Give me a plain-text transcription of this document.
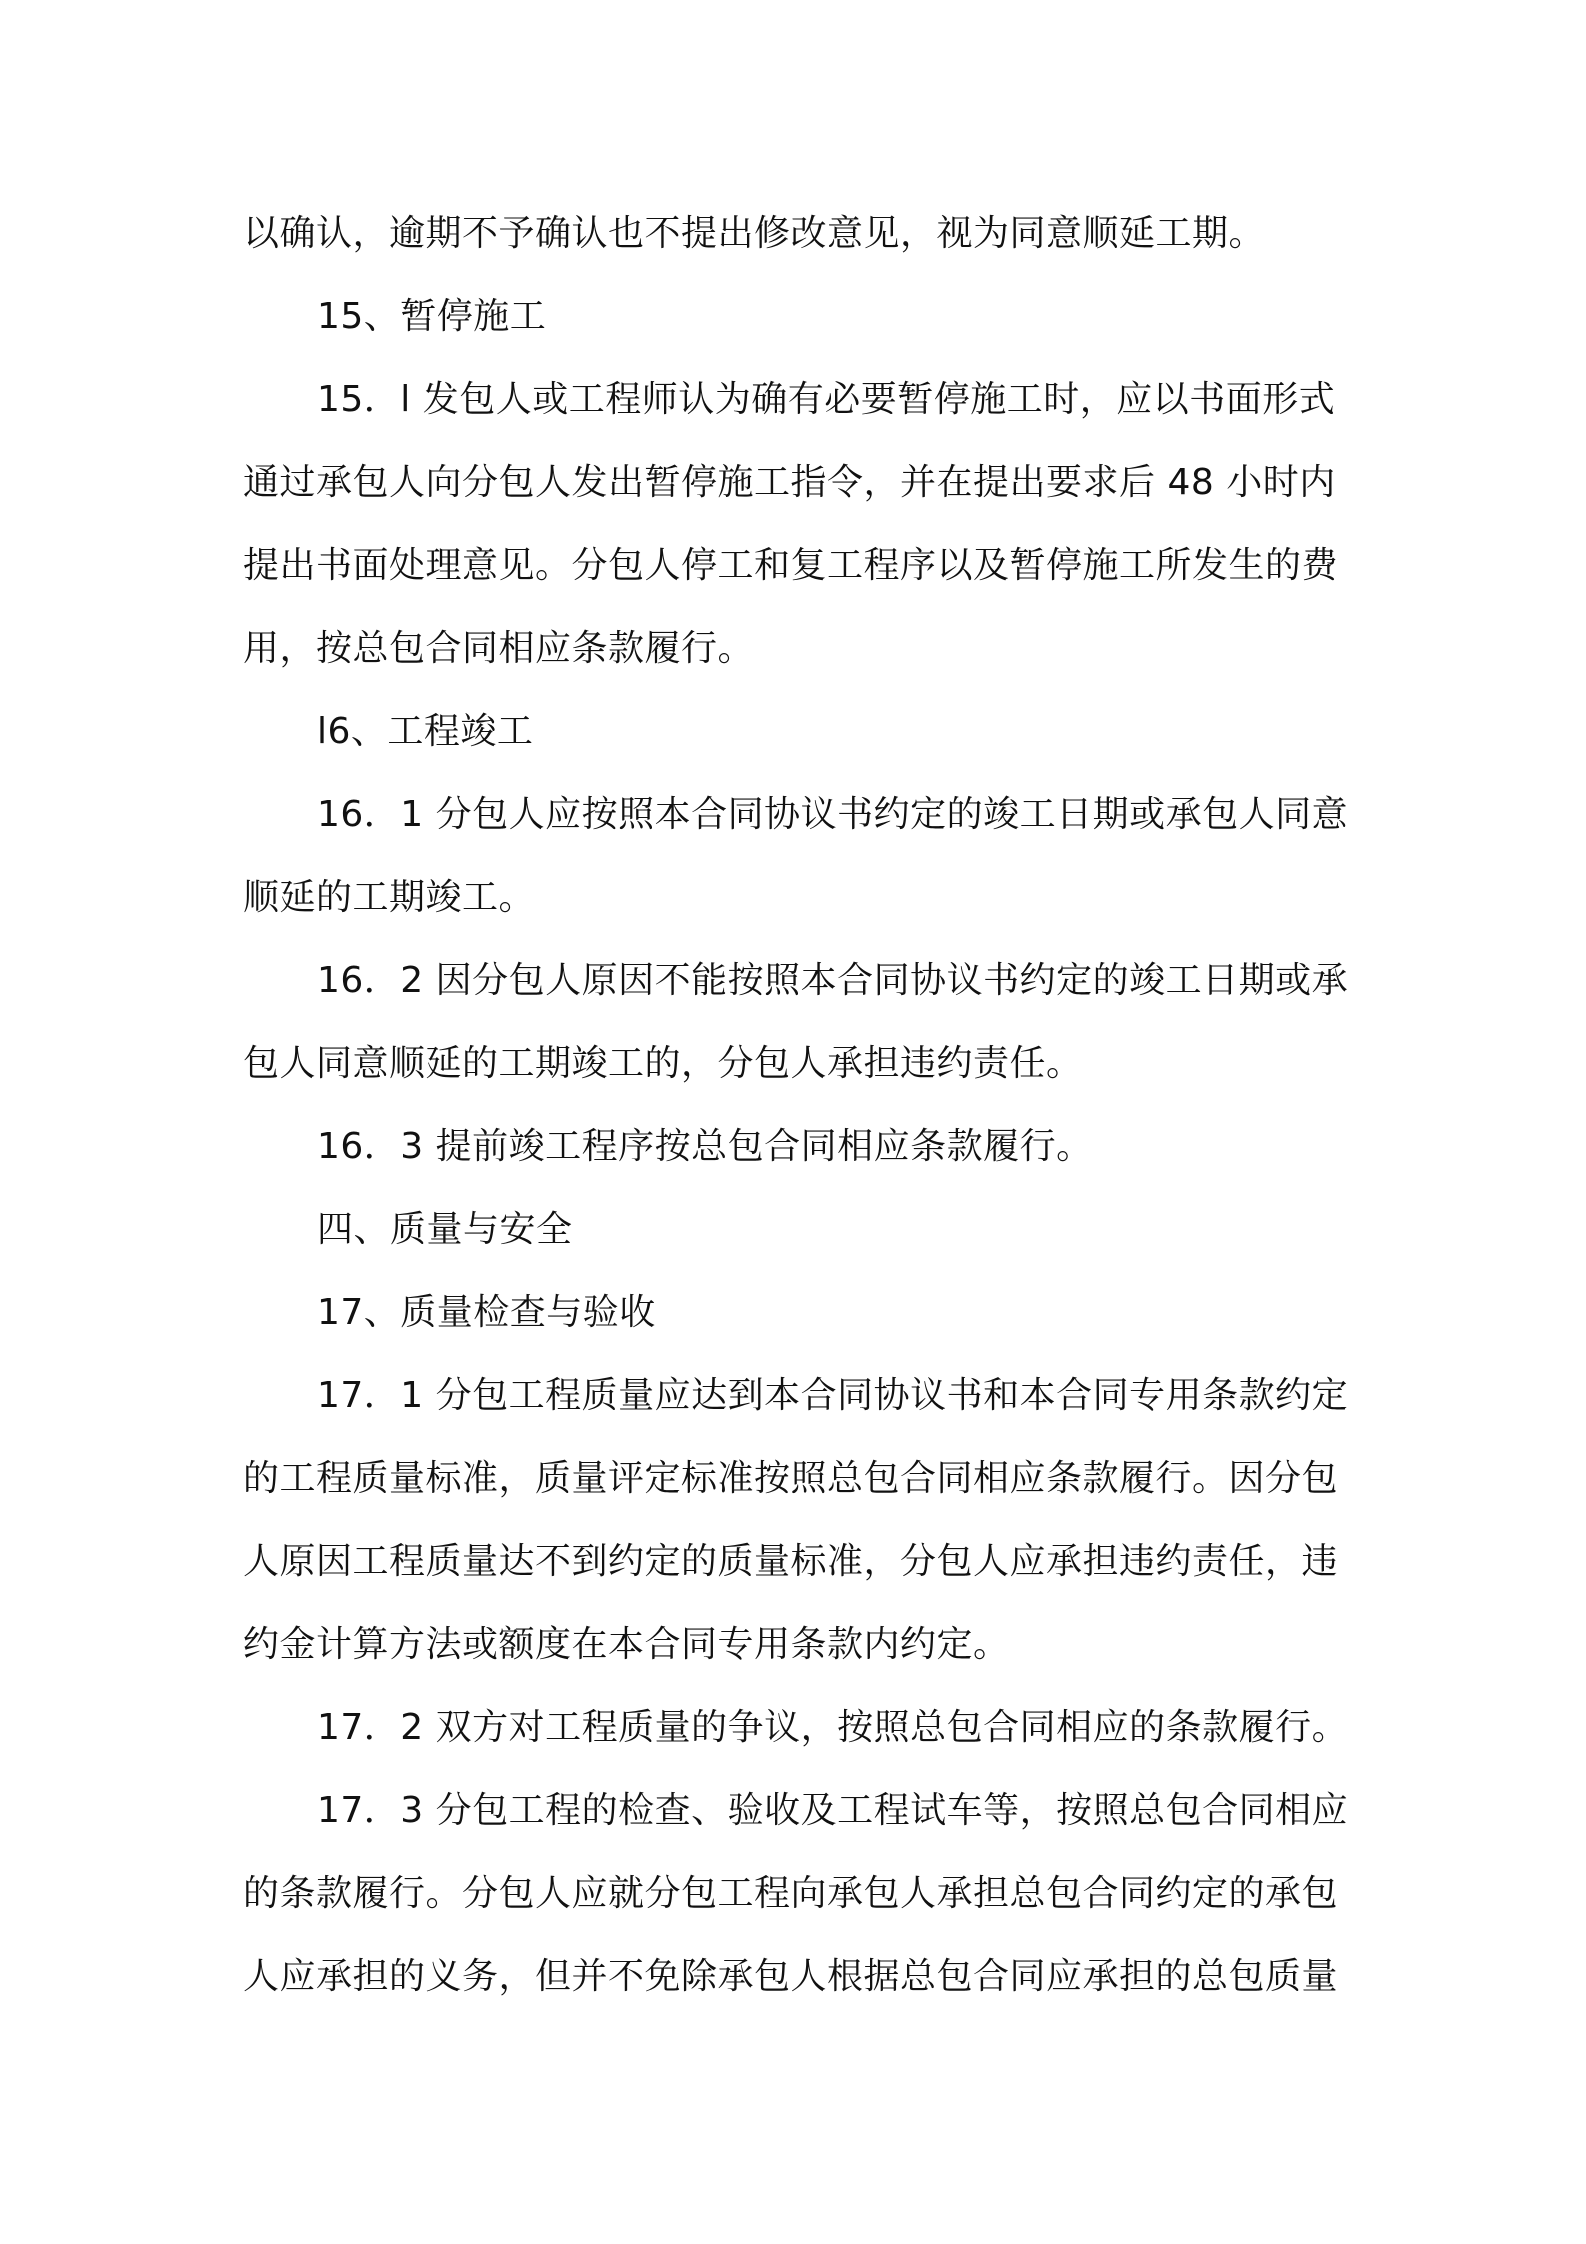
以确认，逾期不予确认也不提出修改意见，视为同意顺延工期。
15、暂停施工
15．l 发包人或工程师认为确有必要暂停施工时，应以书面形式
通过承包人向分包人发出暂停施工指令，并在提出要求后 48 小时内
提出书面处理意见。分包人停工和复工程序以及暂停施工所发生的费
用，按总包合同相应条款履行。
l6、工程竣工
16．1 分包人应按照本合同协议书约定的竣工日期或承包人同意
顺延的工期竣工。
16．2 因分包人原因不能按照本合同协议书约定的竣工日期或承
包人同意顺延的工期竣工的，分包人承担违约责任。
16．3 提前竣工程序按总包合同相应条款履行。
四、质量与安全
17、质量检查与验收
17．1 分包工程质量应达到本合同协议书和本合同专用条款约定
的工程质量标准，质量评定标准按照总包合同相应条款履行。因分包
人原因工程质量达不到约定的质量标准，分包人应承担违约责任，违
约金计算方法或额度在本合同专用条款内约定。
17．2 双方对工程质量的争议，按照总包合同相应的条款履行。
17．3 分包工程的检查、验收及工程试车等，按照总包合同相应
的条款履行。分包人应就分包工程向承包人承担总包合同约定的承包
人应承担的义务，但并不免除承包人根据总包合同应承担的总包质量
